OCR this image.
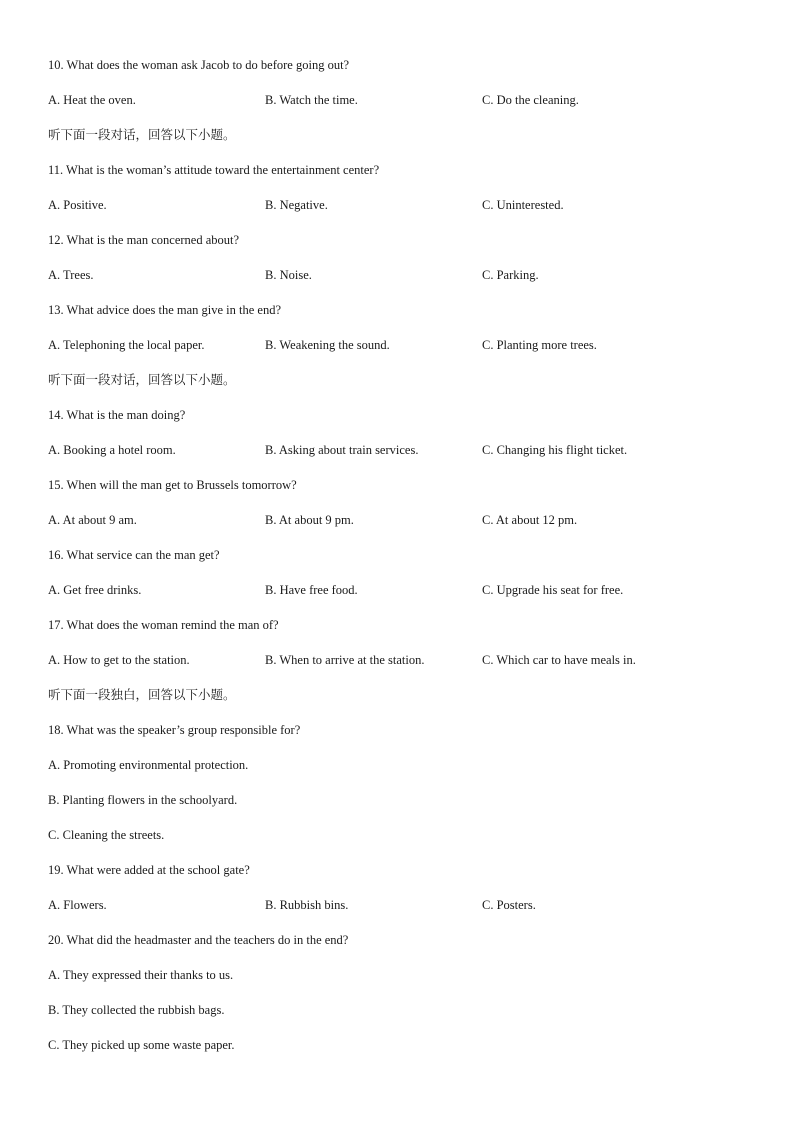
10. What does the woman ask Jacob to do before going out?
A. Heat the oven.	B. Watch the time.	C. Do the cleaning.
听下面一段对话，回答以下小题。
11. What is the woman’s attitude toward the entertainment center?
A. Positive.	B. Negative.	C. Uninterested.
12. What is the man concerned about?
A. Trees.	B. Noise.	C. Parking.
13. What advice does the man give in the end?
A. Telephoning the local paper.	B. Weakening the sound.	C. Planting more trees.
听下面一段对话，回答以下小题。
14. What is the man doing?
A. Booking a hotel room.	B. Asking about train services.	C. Changing his flight ticket.
15. When will the man get to Brussels tomorrow?
A. At about 9 am.	B. At about 9 pm.	C. At about 12 pm.
16. What service can the man get?
A. Get free drinks.	B. Have free food.	C. Upgrade his seat for free.
17. What does the woman remind the man of?
A. How to get to the station.	B. When to arrive at the station.	C. Which car to have meals in.
听下面一段独白，回答以下小题。
18. What was the speaker’s group responsible for?
A. Promoting environmental protection.
B. Planting flowers in the schoolyard.
C. Cleaning the streets.
19. What were added at the school gate?
A. Flowers.	B. Rubbish bins.	C. Posters.
20. What did the headmaster and the teachers do in the end?
A. They expressed their thanks to us.
B. They collected the rubbish bags.
C. They picked up some waste paper.
